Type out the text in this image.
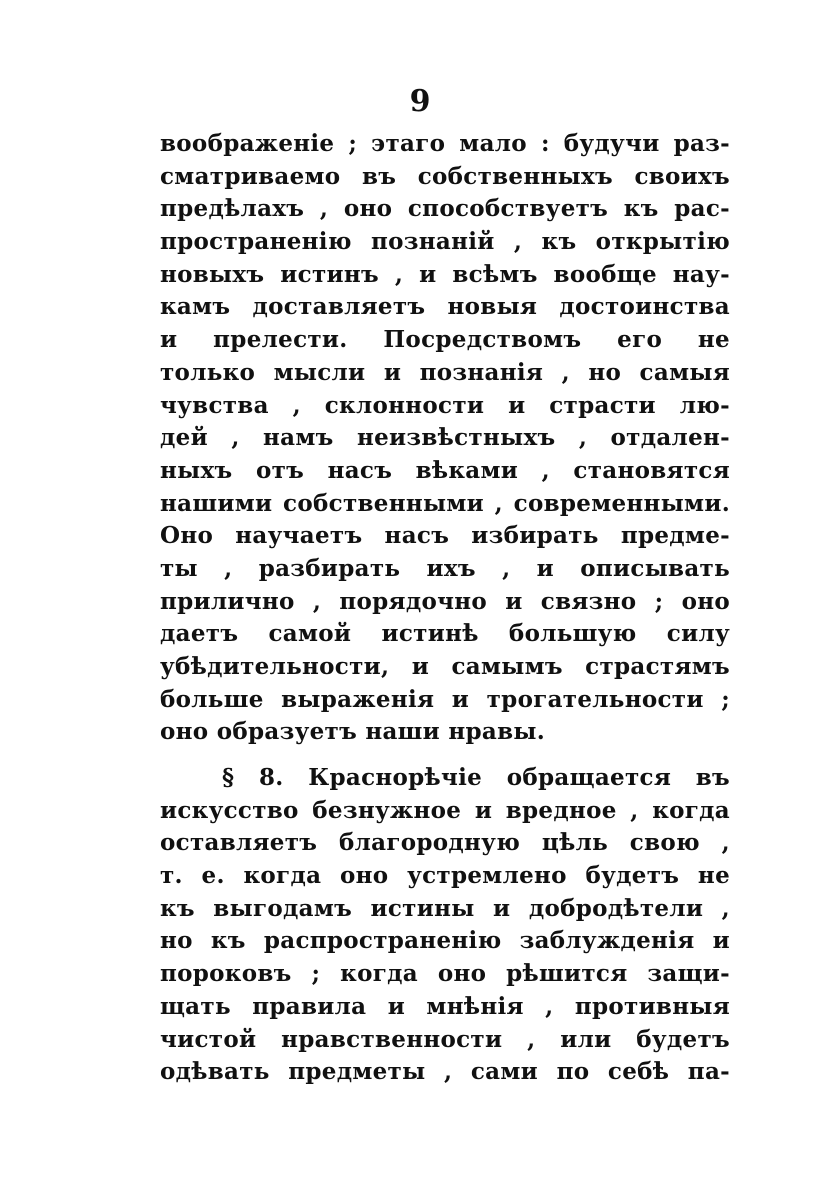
9
воображеніе ; этаго мало : будучи раз-
сматриваемо въ собственныхъ своихъ
предѣлахъ , оно способствуетъ къ рас-
пространенію познаній , къ открытію
новыхъ истинъ , и всѣмъ вообще нау-
камъ доставляетъ новыя достоинства
и прелести. Посредствомъ его не
только мысли и познанія , но самыя
чувства , склонности и страсти лю-
дей , намъ неизвѣстныхъ , отдален-
ныхъ отъ насъ вѣками , становятся
нашими собственными , современными.
Оно научаетъ насъ избирать предме-
ты , разбирать ихъ , и описывать
прилично , порядочно и связно ; оно
даетъ самой истинѣ большую силу
убѣдительности, и самымъ страстямъ
больше выраженія и трогательности ;
оно образуетъ наши нравы.
§ 8. Краснорѣчіе обращается въ
искусство безнужное и вредное , когда
оставляетъ благородную цѣль свою ,
т. е. когда оно устремлено будетъ не
къ выгодамъ истины и добродѣтели ,
но къ распространенію заблужденія и
пороковъ ; когда оно рѣшится защи-
щать правила и мнѣнія , противныя
чистой нравственности , или будетъ
одѣвать предметы , сами по себѣ па-
